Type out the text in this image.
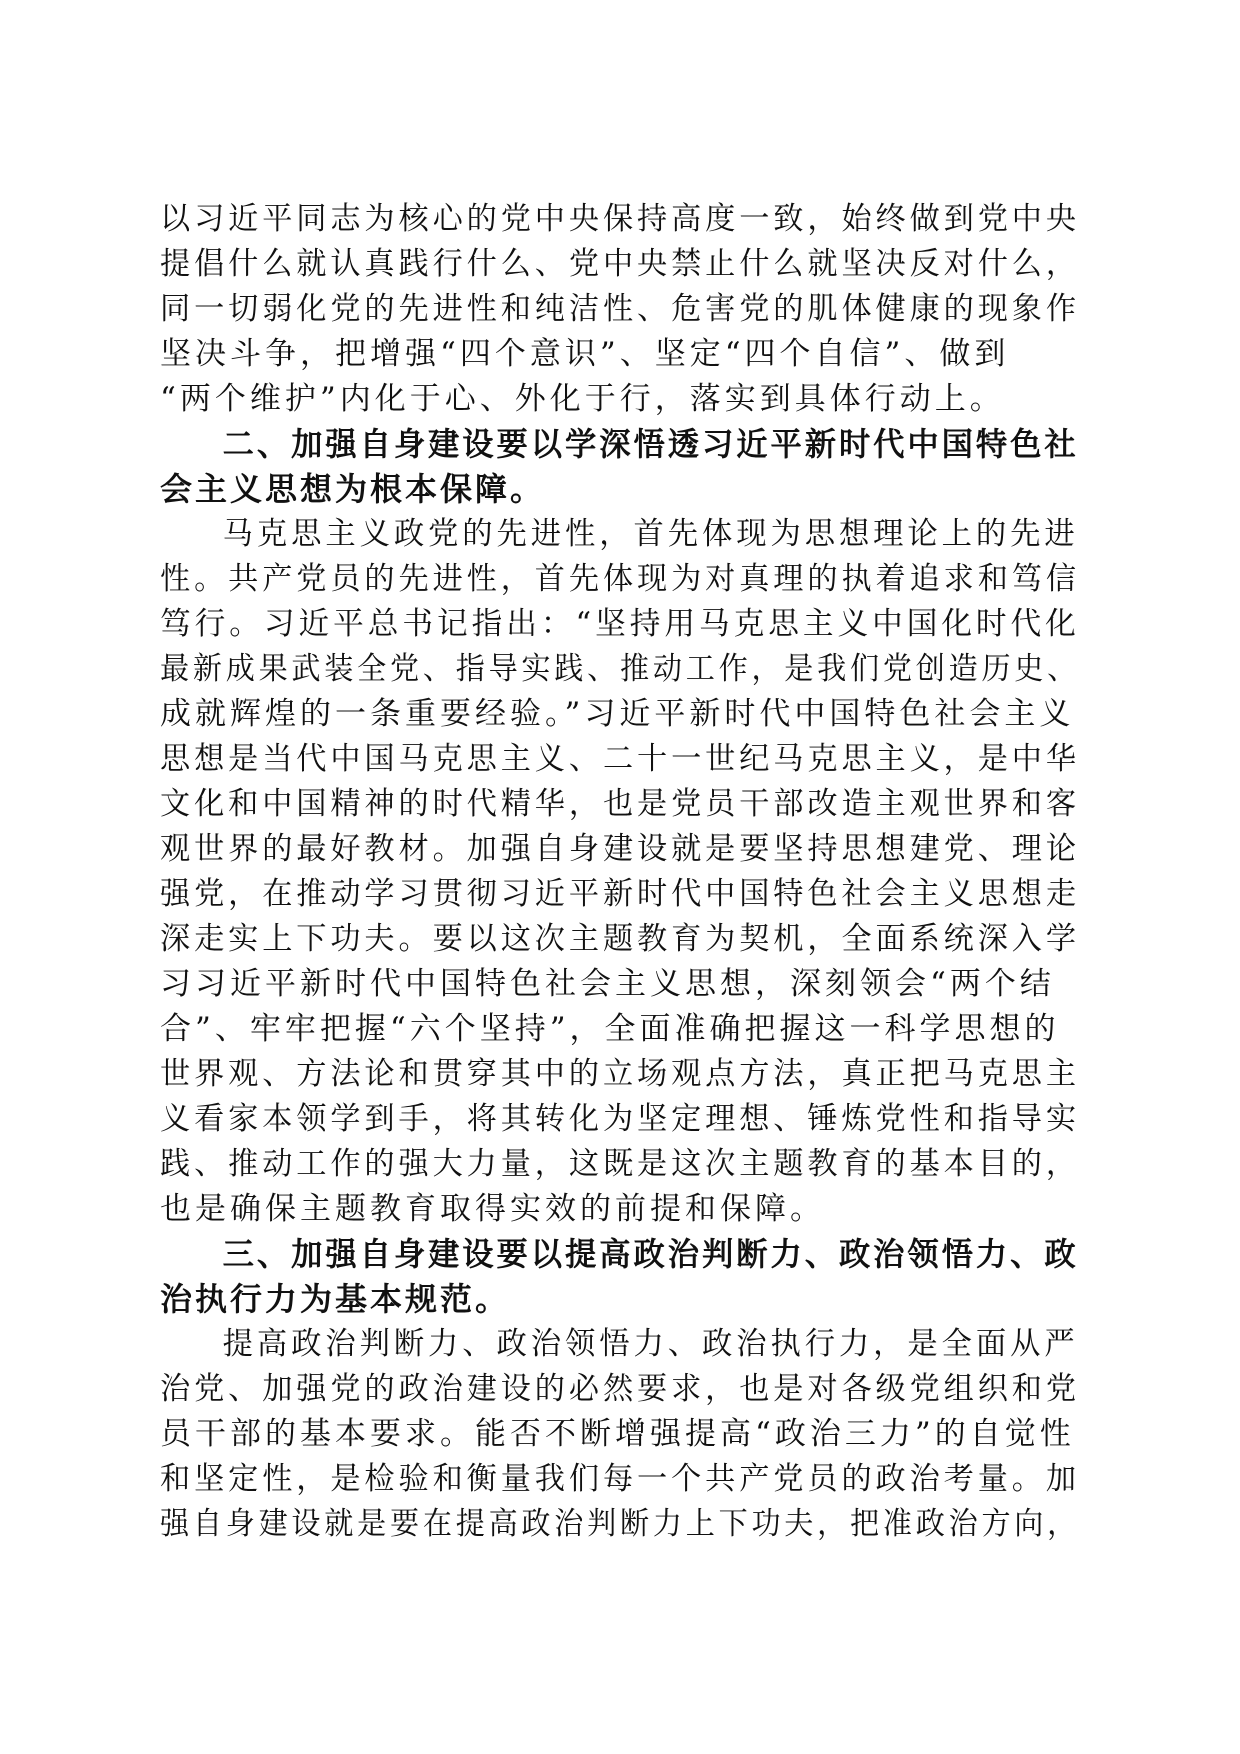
以习近平同志为核心的党中央保持高度一致，始终做到党中央
提倡什么就认真践行什么、党中央禁止什么就坚决反对什么，
同一切弱化党的先进性和纯洁性、危害党的肌体健康的现象作
坚决斗争，把增强“四个意识”、坚定“四个自信”、做到
“两个维护”内化于心、外化于行，落实到具体行动上。
二、加强自身建设要以学深悟透习近平新时代中国特色社
会主义思想为根本保障。
马克思主义政党的先进性，首先体现为思想理论上的先进
性。共产党员的先进性，首先体现为对真理的执着追求和笃信
笃行。习近平总书记指出：“坚持用马克思主义中国化时代化
最新成果武装全党、指导实践、推动工作，是我们党创造历史、
成就辉煌的一条重要经验。”习近平新时代中国特色社会主义
思想是当代中国马克思主义、二十一世纪马克思主义，是中华
文化和中国精神的时代精华，也是党员干部改造主观世界和客
观世界的最好教材。加强自身建设就是要坚持思想建党、理论
强党，在推动学习贯彻习近平新时代中国特色社会主义思想走
深走实上下功夫。要以这次主题教育为契机，全面系统深入学
习习近平新时代中国特色社会主义思想，深刻领会“两个结
合”、牢牢把握“六个坚持”，全面准确把握这一科学思想的
世界观、方法论和贯穿其中的立场观点方法，真正把马克思主
义看家本领学到手，将其转化为坚定理想、锤炼党性和指导实
践、推动工作的强大力量，这既是这次主题教育的基本目的，
也是确保主题教育取得实效的前提和保障。
三、加强自身建设要以提高政治判断力、政治领悟力、政
治执行力为基本规范。
提高政治判断力、政治领悟力、政治执行力，是全面从严
治党、加强党的政治建设的必然要求，也是对各级党组织和党
员干部的基本要求。能否不断增强提高“政治三力”的自觉性
和坚定性，是检验和衡量我们每一个共产党员的政治考量。加
强自身建设就是要在提高政治判断力上下功夫，把准政治方向，
